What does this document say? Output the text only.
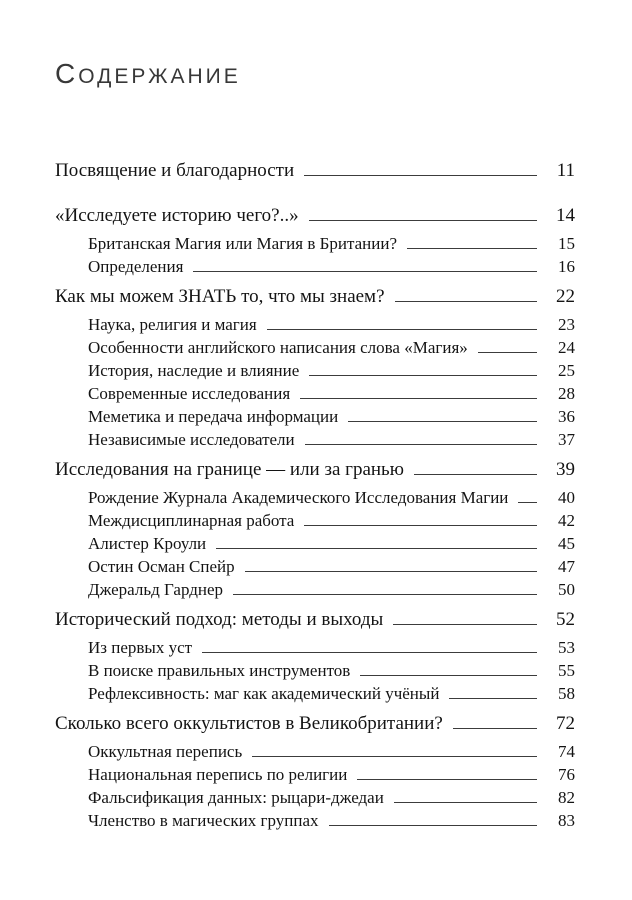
СОДЕРЖАНИЕ
Посвящение и благодарности	11
«Исследуете историю чего?..»	14
Британская Магия или Магия в Британии?	15
Определения	16
Как мы можем ЗНАТЬ то, что мы знаем?	22
Наука, религия и магия	23
Особенности английского написания слова «Магия»	24
История, наследие и влияние	25
Современные исследования	28
Меметика и передача информации	36
Независимые исследователи	37
Исследования на границе — или за гранью	39
Рождение Журнала Академического Исследования Магии	40
Междисциплинарная работа	42
Алистер Кроули	45
Остин Осман Спейр	47
Джеральд Гарднер	50
Исторический подход: методы и выходы	52
Из первых уст	53
В поиске правильных инструментов	55
Рефлексивность: маг как академический учёный	58
Сколько всего оккультистов в Великобритании?	72
Оккультная перепись	74
Национальная перепись по религии	76
Фальсификация данных: рыцари-джедаи	82
Членство в магических группах	83
